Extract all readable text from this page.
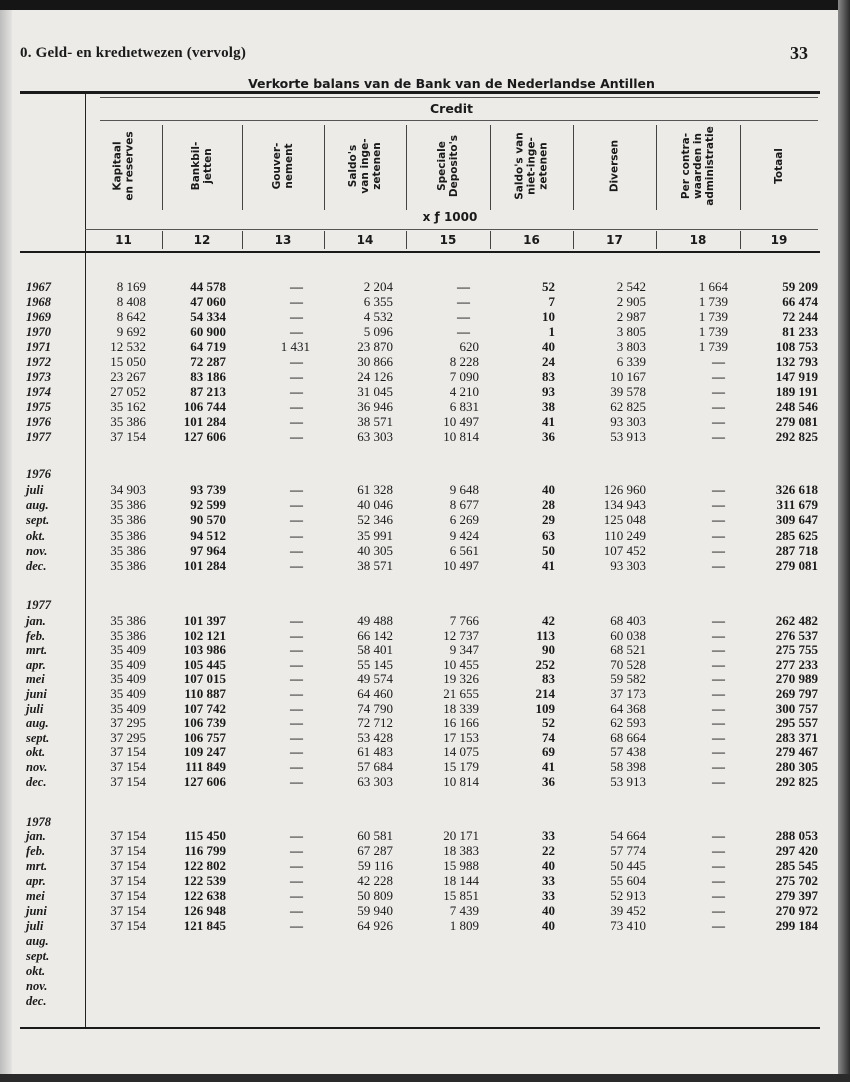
0. Geld- en kredıetwezen (vervolg)	33
Verkorte balans van de Bank van de Nederlandse Antillen
Credit
x ƒ 1000
Kapitaal
en reserves
11
Bankbil-
jetten
12
Gouver-
nement
13
Saldo's
van inge-
zetenen
14
Speciale
Deposito's
15
Saldo's van
niet-inge-
zetenen
16
Diversen
17
Per contra-
waarden in
administratie
18
Totaal
19
1967	8 169	44 578	—	2 204	—	52	2 542	1 664	59 209
1968	8 408	47 060	—	6 355	—	7	2 905	1 739	66 474
1969	8 642	54 334	—	4 532	—	10	2 987	1 739	72 244
1970	9 692	60 900	—	5 096	—	1	3 805	1 739	81 233
1971	12 532	64 719	1 431	23 870	620	40	3 803	1 739	108 753
1972	15 050	72 287	—	30 866	8 228	24	6 339	—	132 793
1973	23 267	83 186	—	24 126	7 090	83	10 167	—	147 919
1974	27 052	87 213	—	31 045	4 210	93	39 578	—	189 191
1975	35 162	106 744	—	36 946	6 831	38	62 825	—	248 546
1976	35 386	101 284	—	38 571	10 497	41	93 303	—	279 081
1977	37 154	127 606	—	63 303	10 814	36	53 913	—	292 825
1976
juli	34 903	93 739	—	61 328	9 648	40	126 960	—	326 618
aug.	35 386	92 599	—	40 046	8 677	28	134 943	—	311 679
sept.	35 386	90 570	—	52 346	6 269	29	125 048	—	309 647
okt.	35 386	94 512	—	35 991	9 424	63	110 249	—	285 625
nov.	35 386	97 964	—	40 305	6 561	50	107 452	—	287 718
dec.	35 386	101 284	—	38 571	10 497	41	93 303	—	279 081
1977
jan.	35 386	101 397	—	49 488	7 766	42	68 403	—	262 482
feb.	35 386	102 121	—	66 142	12 737	113	60 038	—	276 537
mrt.	35 409	103 986	—	58 401	9 347	90	68 521	—	275 755
apr.	35 409	105 445	—	55 145	10 455	252	70 528	—	277 233
mei	35 409	107 015	—	49 574	19 326	83	59 582	—	270 989
juni	35 409	110 887	—	64 460	21 655	214	37 173	—	269 797
juli	35 409	107 742	—	74 790	18 339	109	64 368	—	300 757
aug.	37 295	106 739	—	72 712	16 166	52	62 593	—	295 557
sept.	37 295	106 757	—	53 428	17 153	74	68 664	—	283 371
okt.	37 154	109 247	—	61 483	14 075	69	57 438	—	279 467
nov.	37 154	111 849	—	57 684	15 179	41	58 398	—	280 305
dec.	37 154	127 606	—	63 303	10 814	36	53 913	—	292 825
1978
jan.	37 154	115 450	—	60 581	20 171	33	54 664	—	288 053
feb.	37 154	116 799	—	67 287	18 383	22	57 774	—	297 420
mrt.	37 154	122 802	—	59 116	15 988	40	50 445	—	285 545
apr.	37 154	122 539	—	42 228	18 144	33	55 604	—	275 702
mei	37 154	122 638	—	50 809	15 851	33	52 913	—	279 397
juni	37 154	126 948	—	59 940	7 439	40	39 452	—	270 972
juli	37 154	121 845	—	64 926	1 809	40	73 410	—	299 184
aug.
sept.
okt.
nov.
dec.
